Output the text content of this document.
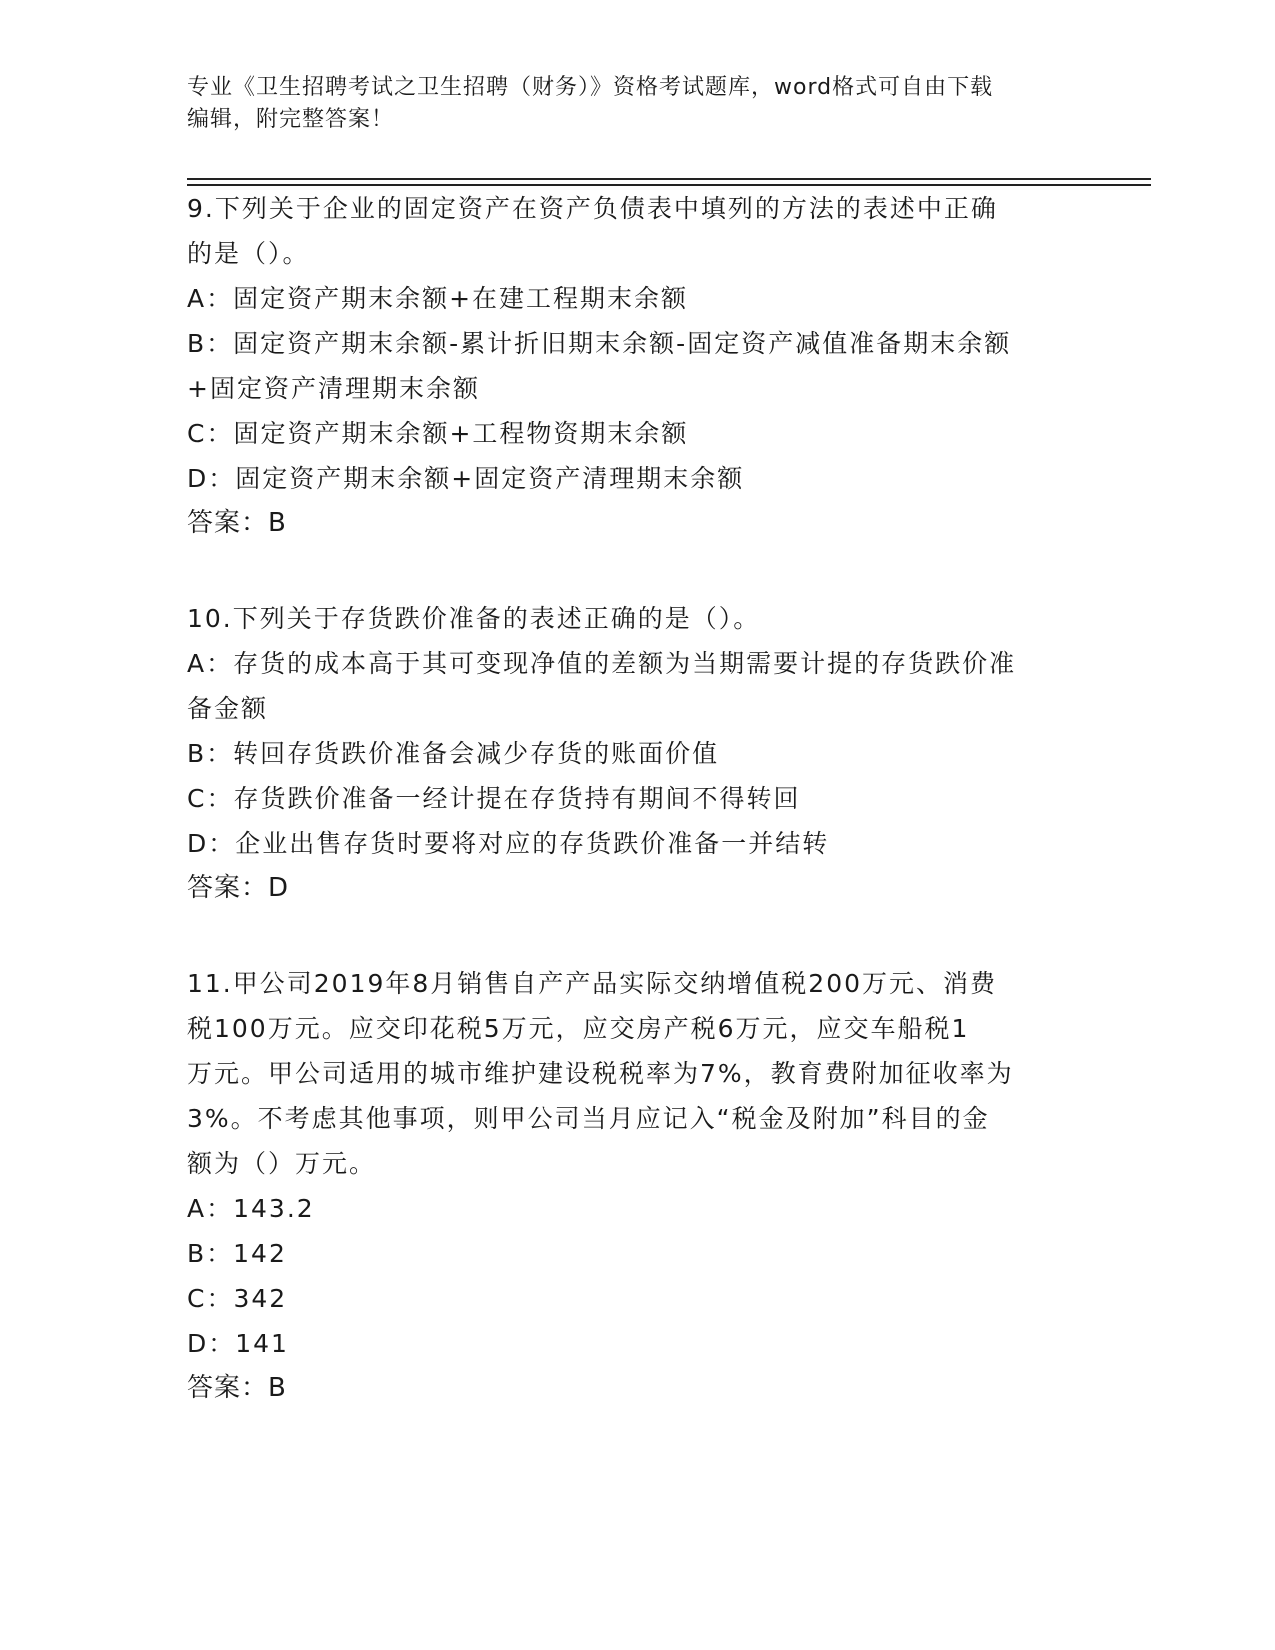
专业《卫生招聘考试之卫生招聘（财务）》资格考试题库，word格式可自由下载

编辑，附完整答案！

9.下列关于企业的固定资产在资产负债表中填列的方法的表述中正确

的是（）。

A：固定资产期末余额+在建工程期末余额

B：固定资产期末余额-累计折旧期末余额-固定资产减值准备期末余额

+固定资产清理期末余额

C：固定资产期末余额+工程物资期末余额

D：固定资产期末余额+固定资产清理期末余额

答案：B

10.下列关于存货跌价准备的表述正确的是（）。

A：存货的成本高于其可变现净值的差额为当期需要计提的存货跌价准

备金额

B：转回存货跌价准备会减少存货的账面价值

C：存货跌价准备一经计提在存货持有期间不得转回

D：企业出售存货时要将对应的存货跌价准备一并结转

答案：D

11.甲公司2019年8月销售自产产品实际交纳增值税200万元、消费

税100万元。应交印花税5万元，应交房产税6万元，应交车船税1

万元。甲公司适用的城市维护建设税税率为7%，教育费附加征收率为

3%。不考虑其他事项，则甲公司当月应记入“税金及附加”科目的金

额为（）万元。

A：143.2

B：142

C：342

D：141

答案：B
